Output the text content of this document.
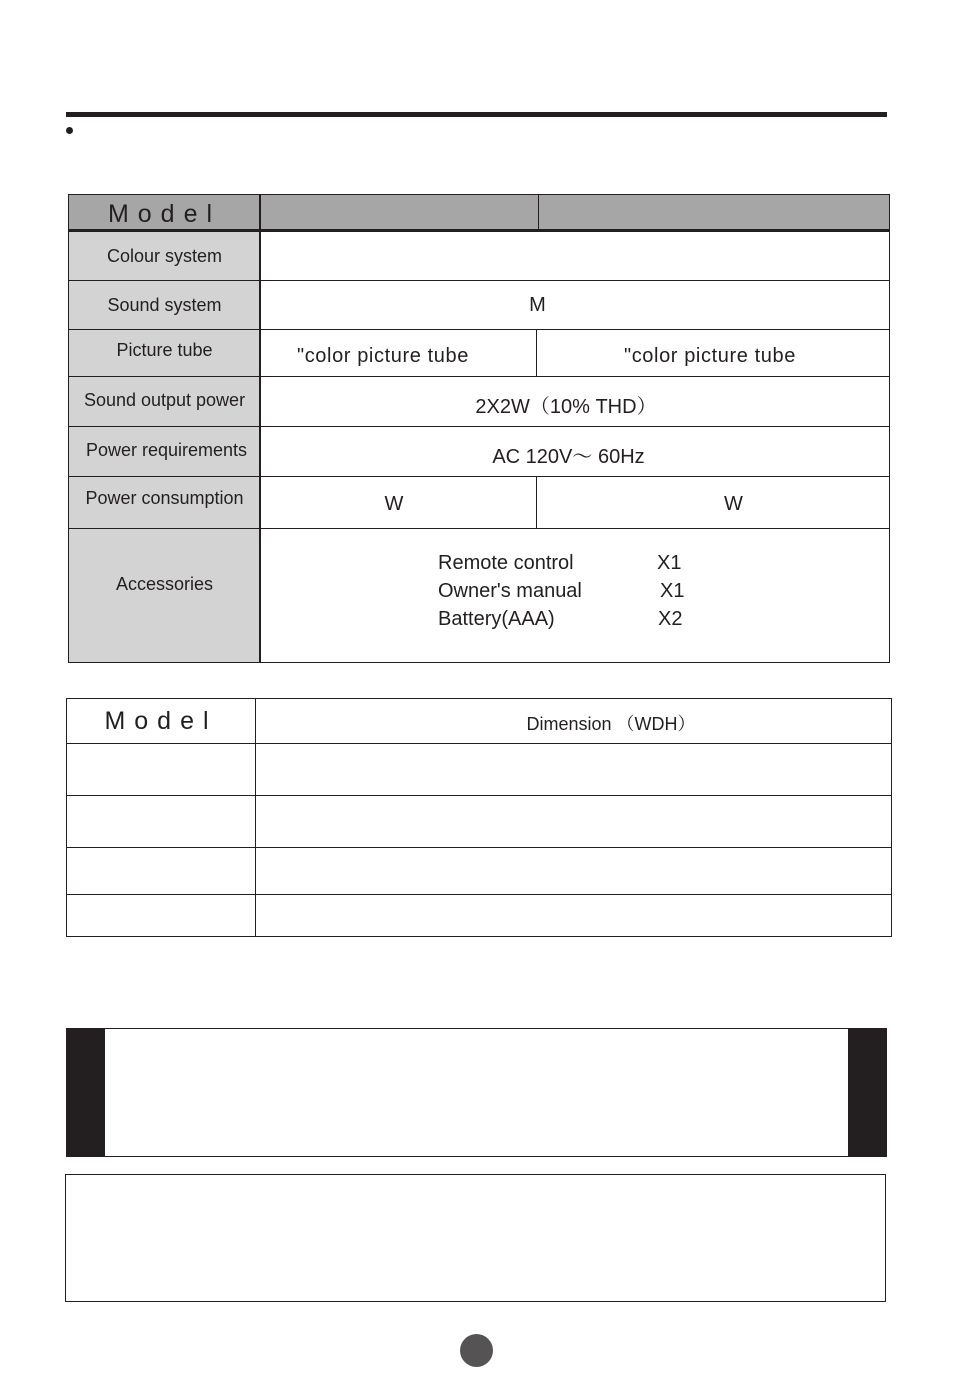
Model
Colour system
Sound system	M
Picture tube	"color picture tube	"color picture tube
Sound output power	2X2W（10% THD）
Power requirements	AC 120V～ 60Hz
Power consumption	W	W
Accessories
Remote control	X1
Owner's manual	X1
Battery(AAA)	X2
Model	Dimension （WDH）
